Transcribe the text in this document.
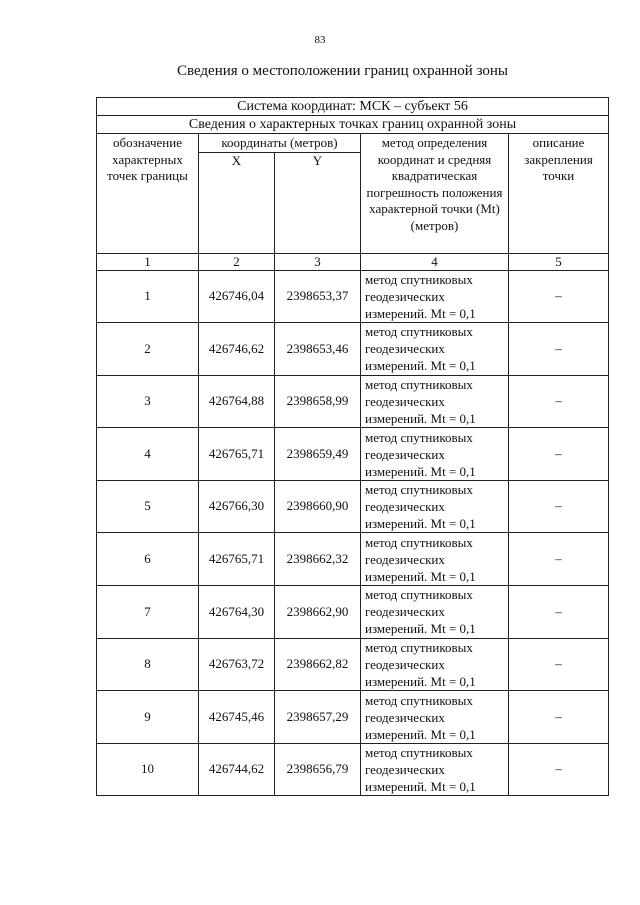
83
Сведения о местоположении границ охранной зоны
Система координат: МСК – субъект 56				
Сведения о характерных точках границ охранной зоны				
обозначение характерных точек границы	координаты (метров)		метод определения координат и средняя квадратическая погрешность положения характерной точки (Mt) (метров)	описание закрепления точки
	X	Y		
1	2	3	4	5
1	426746,04	2398653,37	метод спутниковых геодезических измерений. Mt = 0,1	–
2	426746,62	2398653,46	метод спутниковых геодезических измерений. Mt = 0,1	–
3	426764,88	2398658,99	метод спутниковых геодезических измерений. Mt = 0,1	–
4	426765,71	2398659,49	метод спутниковых геодезических измерений. Mt = 0,1	–
5	426766,30	2398660,90	метод спутниковых геодезических измерений. Mt = 0,1	–
6	426765,71	2398662,32	метод спутниковых геодезических измерений. Mt = 0,1	–
7	426764,30	2398662,90	метод спутниковых геодезических измерений. Mt = 0,1	–
8	426763,72	2398662,82	метод спутниковых геодезических измерений. Mt = 0,1	–
9	426745,46	2398657,29	метод спутниковых геодезических измерений. Mt = 0,1	–
10	426744,62	2398656,79	метод спутниковых геодезических измерений. Mt = 0,1	–
